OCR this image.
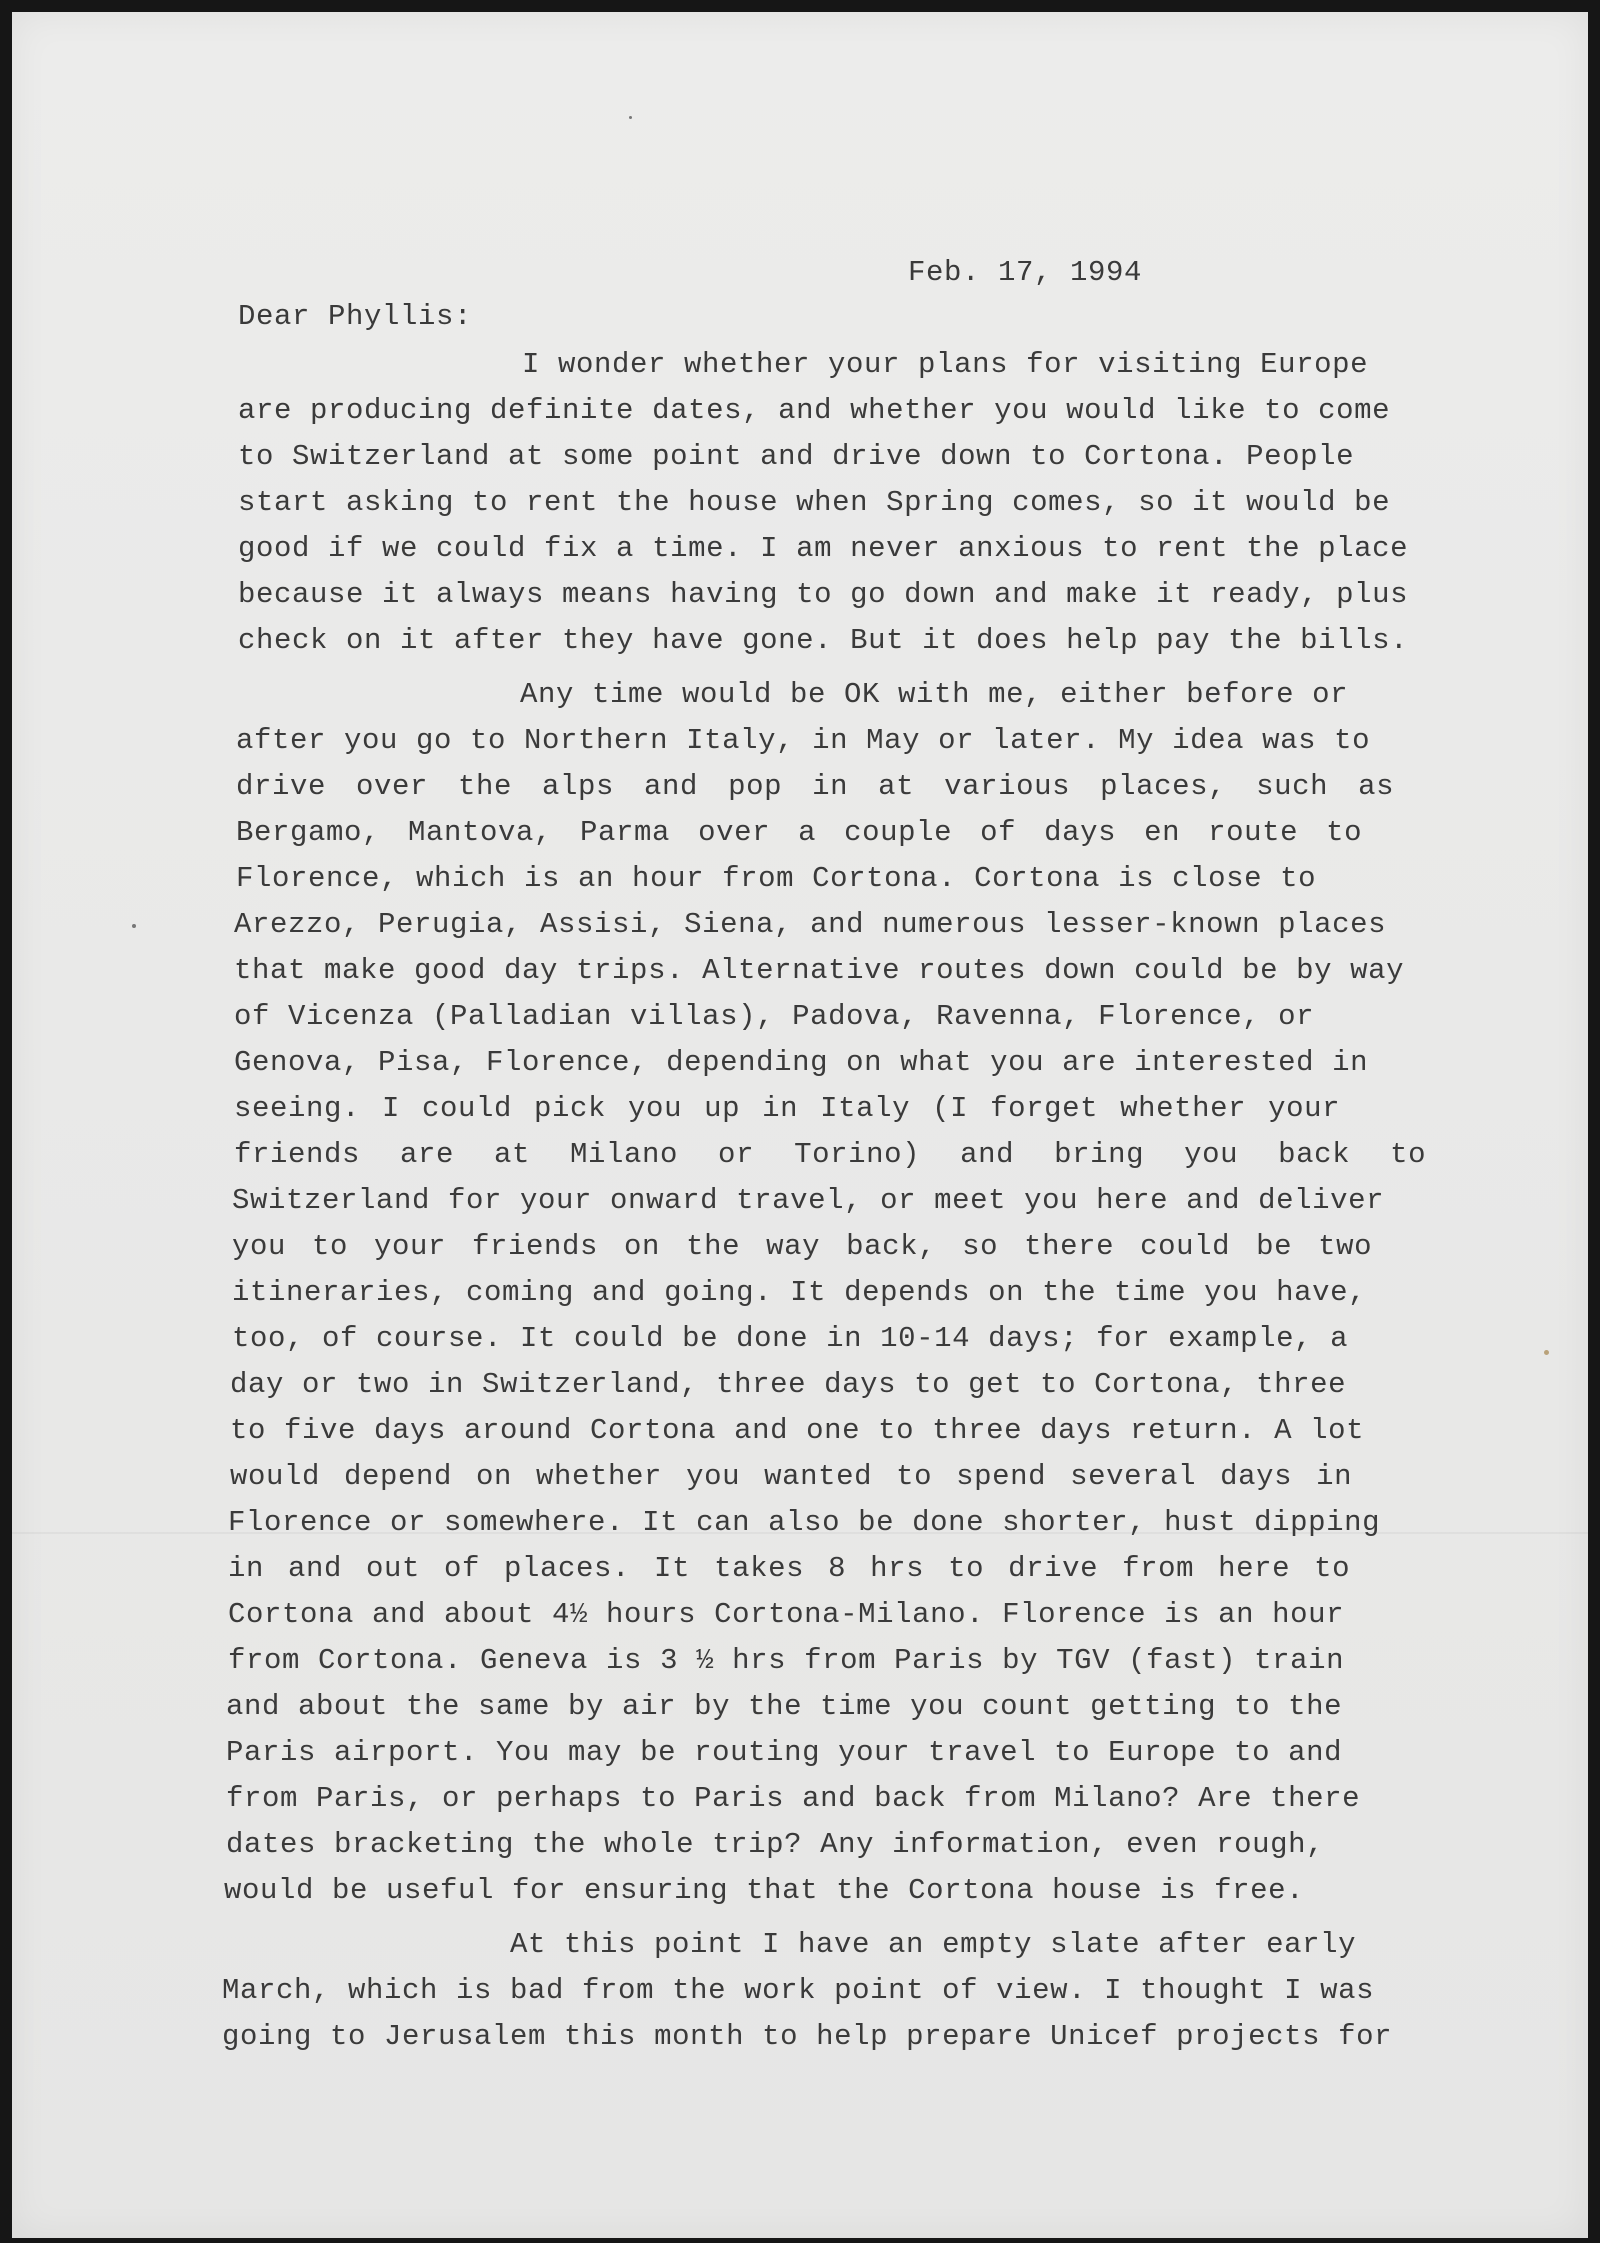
Feb. 17, 1994
Dear Phyllis:
I wonder whether your plans for visiting Europe
are producing definite dates, and whether you would like to come
to Switzerland at some point and drive down to Cortona. People
start asking to rent the house when Spring comes, so it would be
good if we could fix a time. I am never anxious to rent the place
because it always means having to go down and make it ready, plus
check on it after they have gone. But it does help pay the bills.
Any time would be OK with me, either before or
after you go to Northern Italy, in May or later. My idea was to
drive over the alps and pop in at various places, such as
Bergamo, Mantova, Parma over a couple of days en route to
Florence, which is an hour from Cortona. Cortona is close to
Arezzo, Perugia, Assisi, Siena, and numerous lesser-known places
that make good day trips. Alternative routes down could be by way
of Vicenza (Palladian villas), Padova, Ravenna, Florence, or
Genova, Pisa, Florence, depending on what you are interested in
seeing. I could pick you up in Italy (I forget whether your
friends are at Milano or Torino) and bring you back to
Switzerland for your onward travel, or meet you here and deliver
you to your friends on the way back, so there could be two
itineraries, coming and going. It depends on the time you have,
too, of course. It could be done in 10-14 days; for example, a
day or two in Switzerland, three days to get to Cortona, three
to five days around Cortona and one to three days return. A lot
would depend on whether you wanted to spend several days in
Florence or somewhere. It can also be done shorter, hust dipping
in and out of places. It takes 8 hrs to drive from here to
Cortona and about 4½ hours Cortona-Milano. Florence is an hour
from Cortona. Geneva is 3 ½ hrs from Paris by TGV (fast) train
and about the same by air by the time you count getting to the
Paris airport. You may be routing your travel to Europe to and
from Paris, or perhaps to Paris and back from Milano? Are there
dates bracketing the whole trip? Any information, even rough,
would be useful for ensuring that the Cortona house is free.
At this point I have an empty slate after early
March, which is bad from the work point of view. I thought I was
going to Jerusalem this month to help prepare Unicef projects for
